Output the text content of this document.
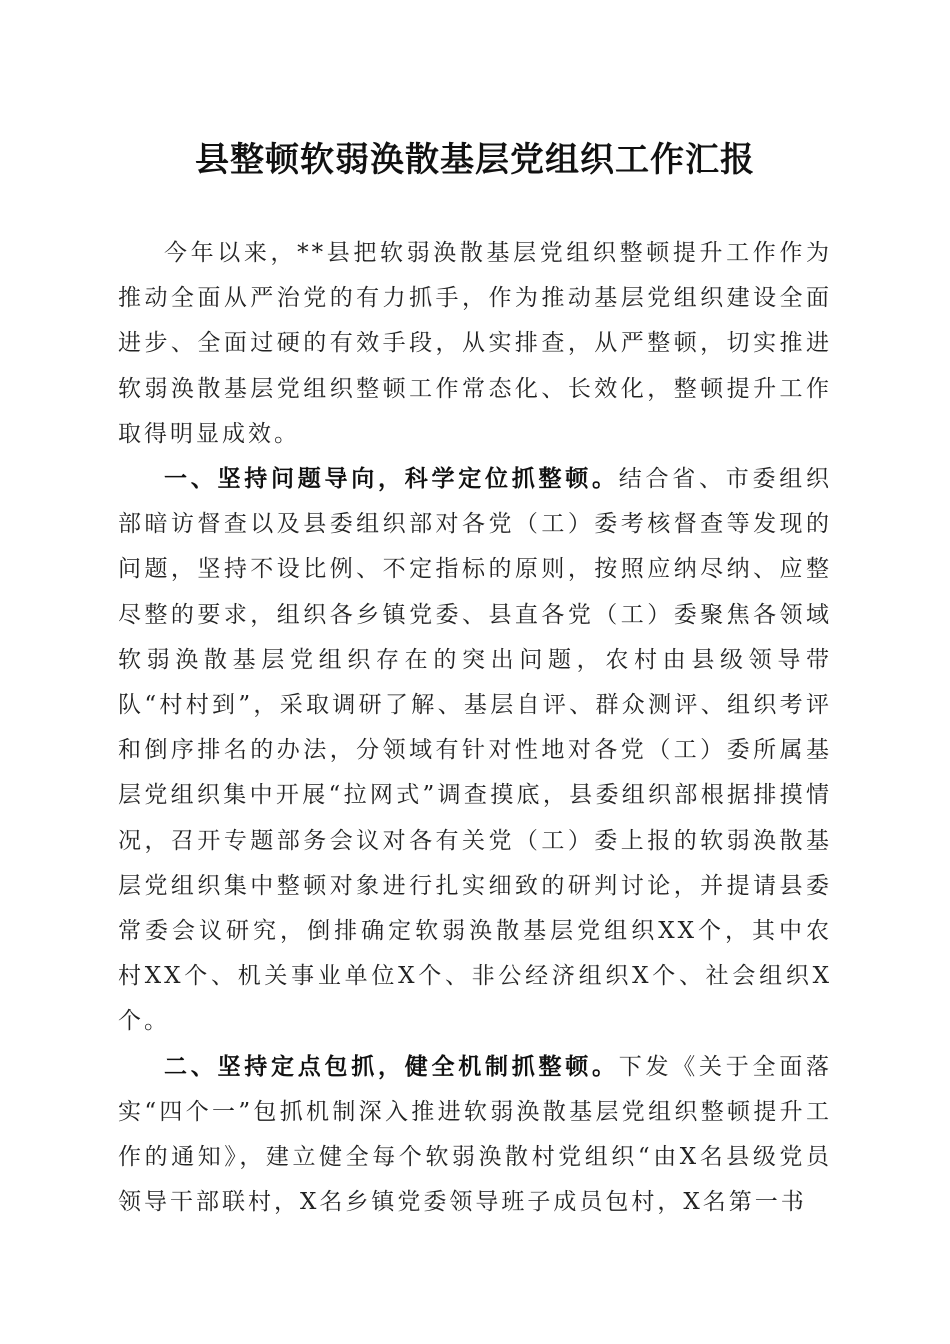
县整顿软弱涣散基层党组织工作汇报

今年以来，**县把软弱涣散基层党组织整顿提升工作作为推动全面从严治党的有力抓手，作为推动基层党组织建设全面进步、全面过硬的有效手段，从实排查，从严整顿，切实推进软弱涣散基层党组织整顿工作常态化、长效化，整顿提升工作取得明显成效。

一、坚持问题导向，科学定位抓整顿。结合省、市委组织部暗访督查以及县委组织部对各党（工）委考核督查等发现的问题，坚持不设比例、不定指标的原则，按照应纳尽纳、应整尽整的要求，组织各乡镇党委、县直各党（工）委聚焦各领域软弱涣散基层党组织存在的突出问题，农村由县级领导带队“村村到”，采取调研了解、基层自评、群众测评、组织考评和倒序排名的办法，分领域有针对性地对各党（工）委所属基层党组织集中开展“拉网式”调查摸底，县委组织部根据排摸情况，召开专题部务会议对各有关党（工）委上报的软弱涣散基层党组织集中整顿对象进行扎实细致的研判讨论，并提请县委常委会议研究，倒排确定软弱涣散基层党组织XX个，其中农村XX个、机关事业单位X个、非公经济组织X个、社会组织X个。

二、坚持定点包抓，健全机制抓整顿。下发《关于全面落实“四个一”包抓机制深入推进软弱涣散基层党组织整顿提升工作的通知》，建立健全每个软弱涣散村党组织“由X名县级党员领导干部联村，X名乡镇党委领导班子成员包村，X名第一书
